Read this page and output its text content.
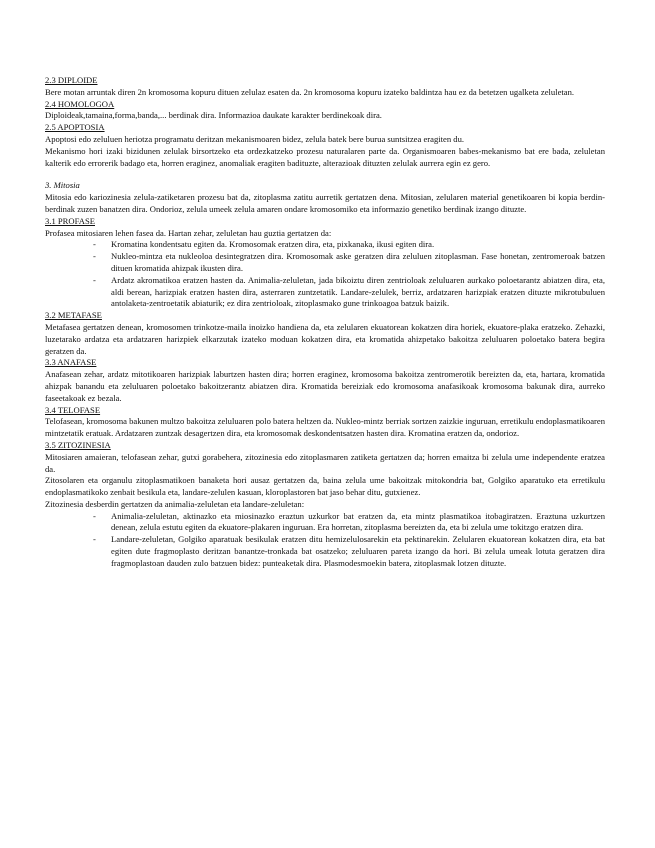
2.3 DIPLOIDE

Bere motan arruntak diren 2n kromosoma kopuru dituen zelulaz esaten da. 2n kromosoma kopuru izateko baldintza hau ez da betetzen ugalketa zeluletan.

2.4 HOMOLOGOA

Diploideak,tamaina,forma,banda,... berdinak dira. Informazioa daukate karakter berdinekoak dira.

2.5 APOPTOSIA

Apoptosi edo zeluluen heriotza programatu deritzan mekanismoaren bidez, zelula batek bere burua suntsitzea eragiten du.

Mekanismo hori izaki bizidunen zelulak birsortzeko eta ordezkatzeko prozesu naturalaren parte da. Organismoaren babes-mekanismo bat ere bada, zeluletan kalterik edo errorerik badago eta, horren eraginez, anomaliak eragiten badituzte, alterazioak dituzten zelulak aurrera egin ez gero.

3. Mitosia

Mitosia edo kariozinesia zelula-zatiketaren prozesu bat da, zitoplasma zatitu aurretik gertatzen dena. Mitosian, zelularen material genetikoaren bi kopia berdin-berdinak zuzen banatzen dira. Ondorioz, zelula umeek zelula amaren ondare kromosomiko eta informazio genetiko berdinak izango dituzte.

3.1 PROFASE

Profasea mitosiaren lehen fasea da. Hartan zehar, zeluletan hau guztia gertatzen da:

- Kromatina kondentsatu egiten da. Kromosomak eratzen dira, eta, pixkanaka, ikusi egiten dira.
- Nukleo-mintza eta nukleoloa desintegratzen dira. Kromosomak aske geratzen dira zeluluen zitoplasman. Fase honetan, zentromeroak batzen dituen kromatida ahizpak ikusten dira.
- Ardatz akromatikoa eratzen hasten da. Animalia-zeluletan, jada bikoiztu diren zentrioloak zeluluaren aurkako poloetarantz abiatzen dira, eta, aldi berean, harizpiak eratzen hasten dira, asterraren zuntzetatik. Landare-zelulek, berriz, ardatzaren harizpiak eratzen dituzte mikrotubuluen antolaketa-zentroetatik abiaturik; ez dira zentrioloak, zitoplasmako gune trinkoagoa batzuk baizik.

3.2 METAFASE

Metafasea gertatzen denean, kromosomen trinkotze-maila inoizko handiena da, eta zelularen ekuatorean kokatzen dira horiek, ekuatore-plaka eratzeko. Zehazki, luzetarako ardatza eta ardatzaren harizpiek elkarzutak izateko moduan kokatzen dira, eta kromatida ahizpetako bakoitza zeluluaren poloetako batera begira geratzen da.

3.3 ANAFASE

Anafasean zehar, ardatz mitotikoaren harizpiak laburtzen hasten dira; horren eraginez, kromosoma bakoitza zentromerotik bereizten da, eta, hartara, kromatida ahizpak banandu eta zeluluaren poloetako bakoitzerantz abiatzen dira. Kromatida bereiziak edo kromosoma anafasikoak kromosoma bakunak dira, aurreko faseetakoak ez bezala.

3.4 TELOFASE

Telofasean, kromosoma bakunen multzo bakoitza zeluluaren polo batera heltzen da. Nukleo-mintz berriak sortzen zaizkie inguruan, erretikulu endoplasmatikoaren mintzetatik eratuak. Ardatzaren zuntzak desagertzen dira, eta kromosomak deskondentsatzen hasten dira. Kromatina eratzen da, ondorioz.

3.5 ZITOZINESIA

Mitosiaren amaieran, telofasean zehar, gutxi gorabehera, zitozinesia edo zitoplasmaren zatiketa gertatzen da; horren emaitza bi zelula ume independente eratzea da.

Zitosolaren eta organulu zitoplasmatikoen banaketa hori ausaz gertatzen da, baina zelula ume bakoitzak mitokondria bat, Golgiko aparatuko eta erretikulu endoplasmatikoko zenbait besikula eta, landare-zelulen kasuan, kloroplastoren bat jaso behar ditu, gutxienez.

Zitozinesia desberdin gertatzen da animalia-zeluletan eta landare-zeluletan:

- Animalia-zeluletan, aktinazko eta miosinazko eraztun uzkurkor bat eratzen da, eta mintz plasmatikoa itobagiratzen. Eraztuna uzkurtzen denean, zelula estutu egiten da ekuatore-plakaren inguruan. Era horretan, zitoplasma bereizten da, eta bi zelula ume tokitzgo eratzen dira.
- Landare-zeluletan, Golgiko aparatuak besikulak eratzen ditu hemizelulosarekin eta pektinarekin. Zelularen ekuatorean kokatzen dira, eta bat egiten dute fragmoplasto deritzan banantze-tronkada bat osatzeko; zeluluaren pareta izango da hori. Bi zelula umeak lotuta geratzen dira fragmoplastoan dauden zulo batzuen bidez: punteaketak dira. Plasmodesmoekin batera, zitoplasmak lotzen dituzte.
